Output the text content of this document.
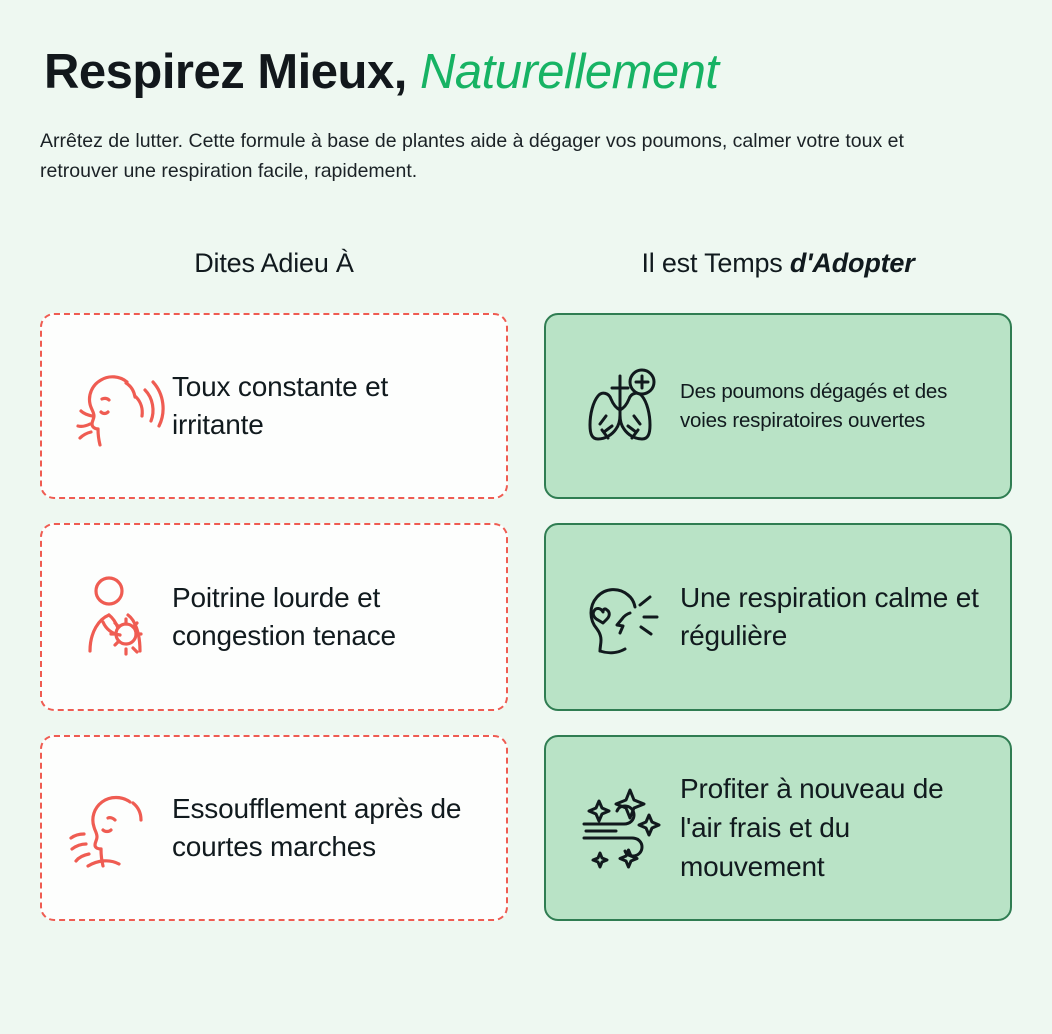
Respirez Mieux, Naturellement

Arrêtez de lutter. Cette formule à base de plantes aide à dégager vos poumons, calmer votre toux et retrouver une respiration facile, rapidement.

Dites Adieu À
Toux constante et irritante
Poitrine lourde et congestion tenace
Essoufflement après de courtes marches
Il est Temps d'Adopter
Des poumons dégagés et des voies respiratoires ouvertes
Une respiration calme et régulière
Profiter à nouveau de l'air frais et du mouvement
